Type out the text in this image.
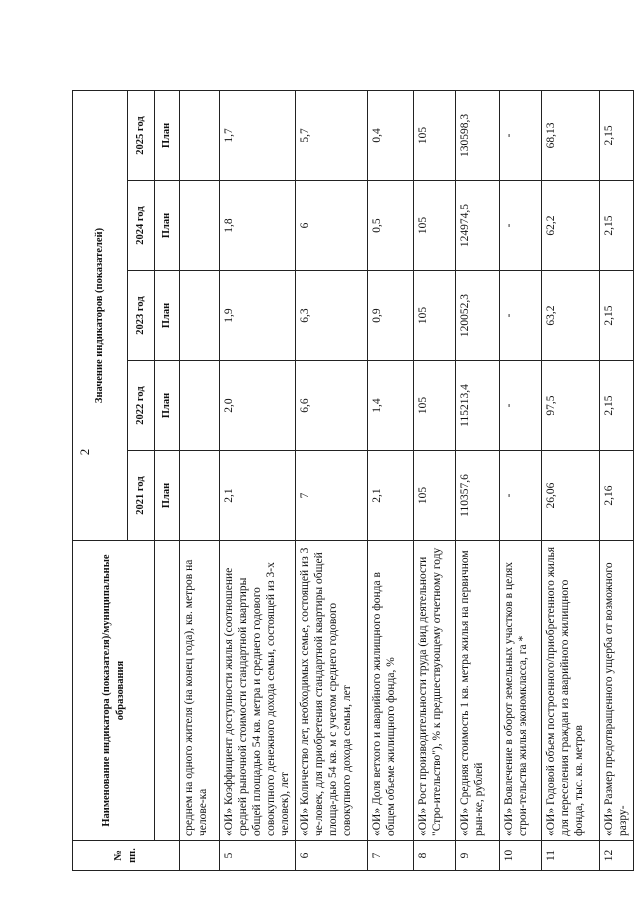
2
№ пп.	Наименование индикатора (показателя)/муниципальные образования	Значение индикаторов (показателей)				
		2021 год	2022 год	2023 год	2024 год	2025 год
		План	План	План	План	План
	среднем на одного жителя (на конец года), кв. метров на челове-ка					
5	«ОИ» Коэффициент доступности жилья (соотношение средней рыночной стоимости стандартной квартиры общей площадью 54 кв. метра и среднего годового совокупного денежного дохода семьи, состоящей из 3-х человек), лет	2,1	2,0	1,9	1,8	1,7
6	«ОИ» Количество лет, необходимых семье, состоящей из 3 че-ловек, для приобретения стандартной квартиры общей площа-дью 54 кв. м с учетом среднего годового совокупного дохода семьи, лет	7	6,6	6,3	6	5,7
7	«ОИ» Доля ветхого и аварийного жилищного фонда в общем объеме жилищного фонда, %	2,1	1,4	0,9	0,5	0,4
8	«ОИ» Рост производительности труда (вид деятельности "Стро-ительство"), % к предшествующему отчетному году	105	105	105	105	105
9	«ОИ» Средняя стоимость 1 кв. метра жилья на первичном рын-ке, рублей	110357,6	115213,4	120052,3	124974,5	130598,3
10	«ОИ» Вовлечение в оборот земельных участков в целях строи-тельства жилья экономкласса, га *	-	-	-	-	-
11	«ОИ» Годовой объем построенного/приобретенного жилья для переселения граждан из аварийного жилищного фонда, тыс. кв. метров	26,06	97,5	63,2	62,2	68,13
12	«ОИ» Размер предотвращенного ущерба от возможного разру-	2,16	2,15	2,15	2,15	2,15
